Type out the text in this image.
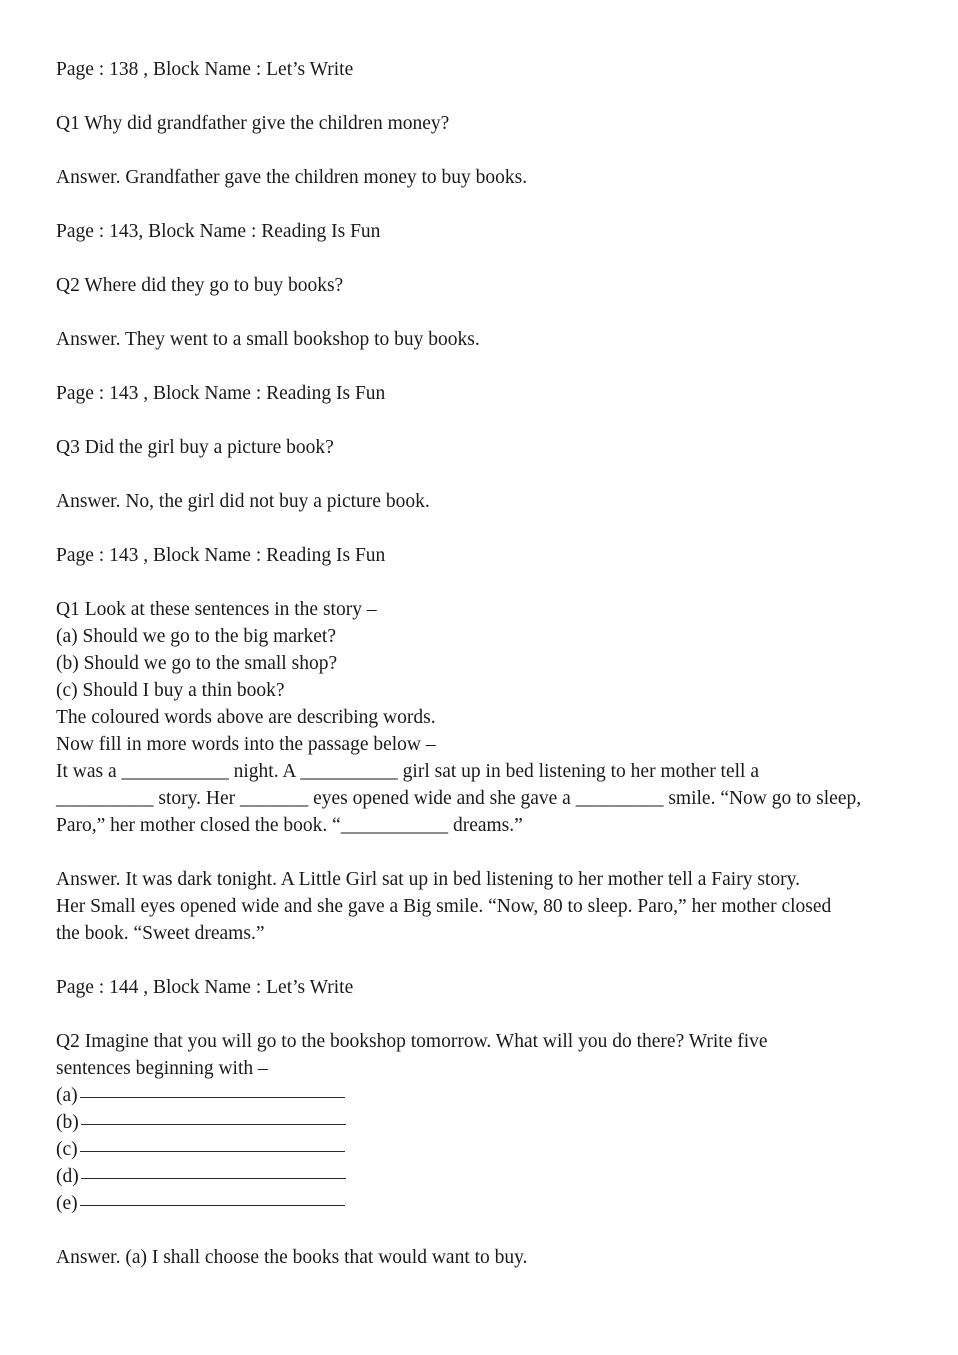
Page : 138 , Block Name : Let’s Write

Q1 Why did grandfather give the children money?

Answer. Grandfather gave the children money to buy books.

Page : 143, Block Name : Reading Is Fun

Q2 Where did they go to buy books?

Answer. They went to a small bookshop to buy books.

Page : 143 , Block Name : Reading Is Fun

Q3 Did the girl buy a picture book?

Answer. No, the girl did not buy a picture book.

Page : 143 , Block Name : Reading Is Fun

Q1 Look at these sentences in the story –

(a) Should we go to the big market?

(b) Should we go to the small shop?

(c) Should I buy a thin book?

The coloured words above are describing words.

Now fill in more words into the passage below –

It was a ___________ night. A __________ girl sat up in bed listening to her mother tell a

__________ story. Her _______ eyes opened wide and she gave a _________ smile. “Now go to sleep,

Paro,” her mother closed the book. “___________ dreams.”

Answer. It was dark tonight. A Little Girl sat up in bed listening to her mother tell a Fairy story.

Her Small eyes opened wide and she gave a Big smile. “Now, 80 to sleep. Paro,” her mother closed

the book. “Sweet dreams.”

Page : 144 , Block Name : Let’s Write

Q2 Imagine that you will go to the bookshop tomorrow. What will you do there? Write five

sentences beginning with –

(a)
(b)
(c)
(d)
(e)

Answer. (a) I shall choose the books that would want to buy.
